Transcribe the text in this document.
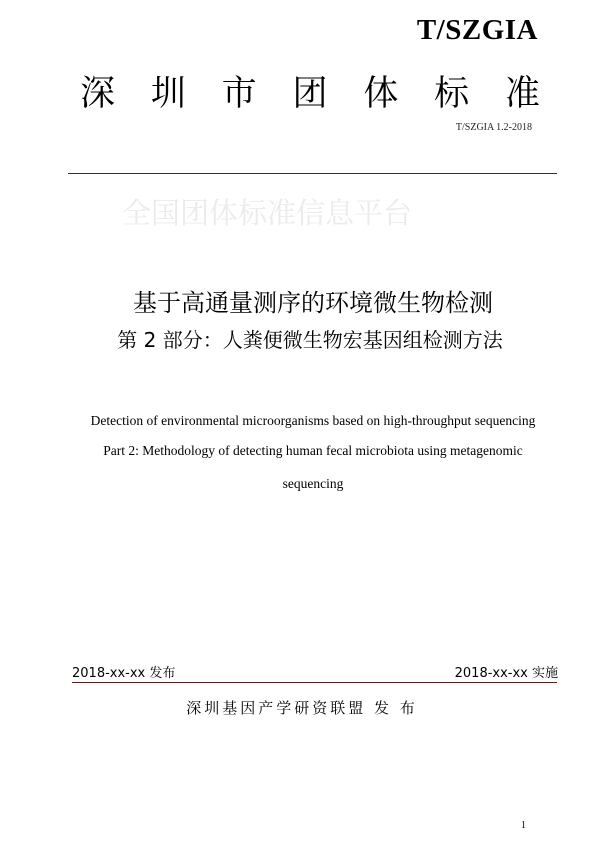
T/SZGIA
深 圳 市 团 体 标 准
T/SZGIA 1.2-2018
全国团体标准信息平台
基于高通量测序的环境微生物检测
第 2 部分：人粪便微生物宏基因组检测方法
Detection of environmental microorganisms based on high-throughput sequencing
Part 2: Methodology of detecting human fecal microbiota using metagenomic
sequencing
2018-xx-xx 发布	2018-xx-xx 实施
深圳基因产学研资联盟 发 布
1
